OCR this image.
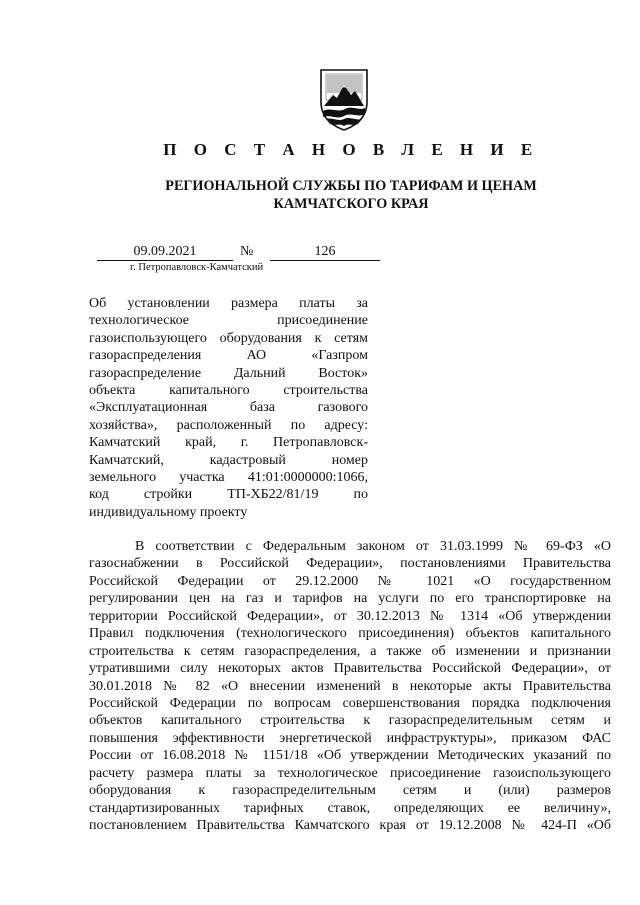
П О С Т А Н О В Л Е Н И Е
РЕГИОНАЛЬНОЙ СЛУЖБЫ ПО ТАРИФАМ И ЦЕНАМ
КАМЧАТСКОГО КРАЯ
09.09.2021	№	126
г. Петропавловск-Камчатский
Об установлении размера платы за
технологическое присоединение
газоиспользующего оборудования к сетям
газораспределения АО «Газпром
газораспределение Дальний Восток»
объекта капитального строительства
«Эксплуатационная база газового
хозяйства», расположенный по адресу:
Камчатский край, г. Петропавловск-
Камчатский, кадастровый номер
земельного участка 41:01:0000000:1066,
код стройки ТП-ХБ22/81/19 по
индивидуальному проекту
В соответствии с Федеральным законом от 31.03.1999 № 69-ФЗ «О
газоснабжении в Российской Федерации», постановлениями Правительства
Российской Федерации от 29.12.2000 № 1021 «О государственном
регулировании цен на газ и тарифов на услуги по его транспортировке на
территории Российской Федерации», от 30.12.2013 № 1314 «Об утверждении
Правил подключения (технологического присоединения) объектов капитального
строительства к сетям газораспределения, а также об изменении и признании
утратившими силу некоторых актов Правительства Российской Федерации», от
30.01.2018 № 82 «О внесении изменений в некоторые акты Правительства
Российской Федерации по вопросам совершенствования порядка подключения
объектов капитального строительства к газораспределительным сетям и
повышения эффективности энергетической инфраструктуры», приказом ФАС
России от 16.08.2018 № 1151/18 «Об утверждении Методических указаний по
расчету размера платы за технологическое присоединение газоиспользующего
оборудования к газораспределительным сетям и (или) размеров
стандартизированных тарифных ставок, определяющих ее величину»,
постановлением Правительства Камчатского края от 19.12.2008 № 424-П «Об
